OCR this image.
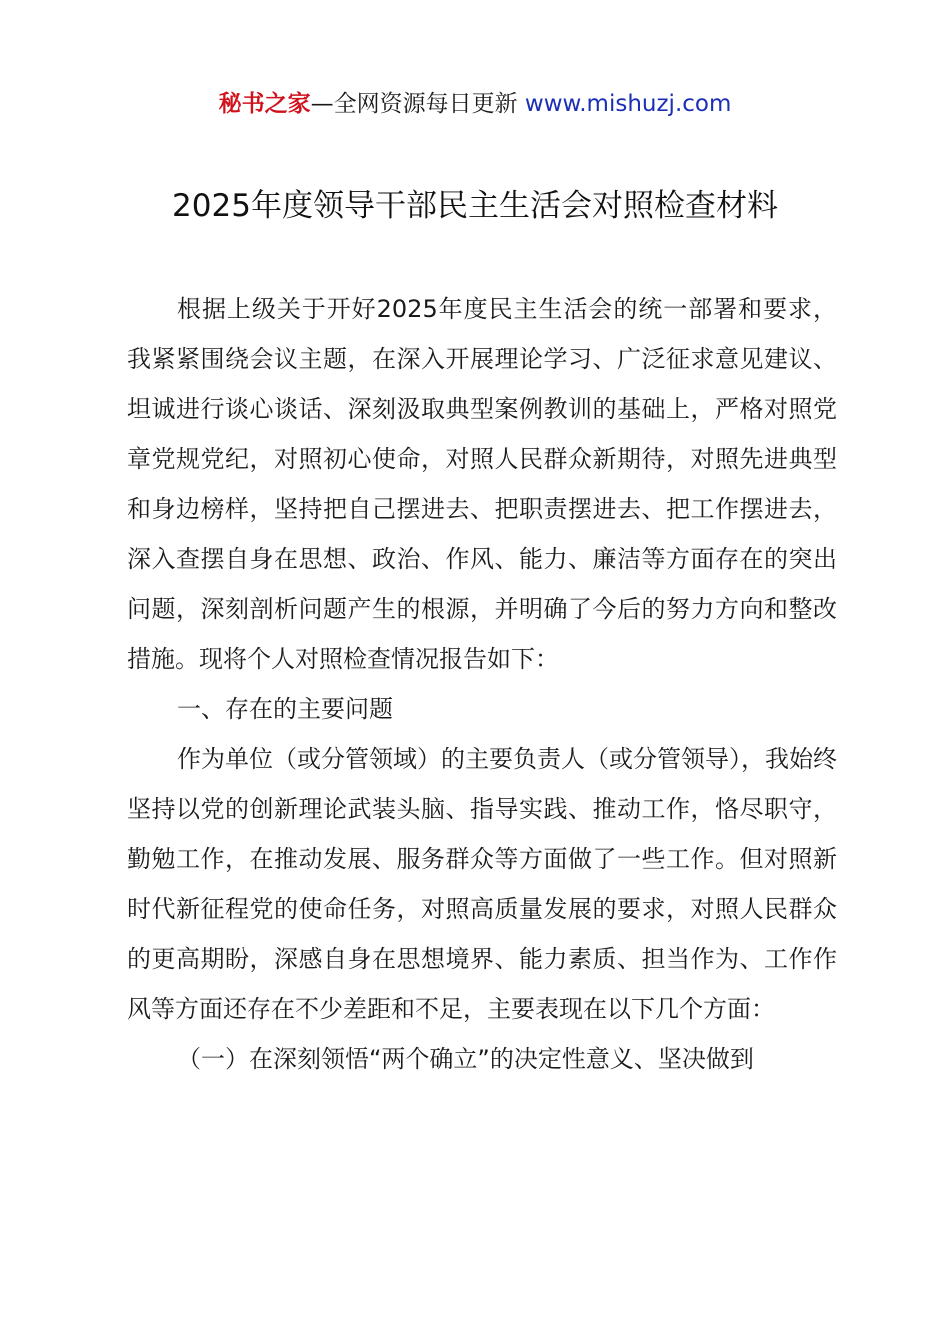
秘书之家—全网资源每日更新 www.mishuzj.com
2025年度领导干部民主生活会对照检查材料

根据上级关于开好2025年度民主生活会的统一部署和要求，我紧紧围绕会议主题，在深入开展理论学习、广泛征求意见建议、坦诚进行谈心谈话、深刻汲取典型案例教训的基础上，严格对照党章党规党纪，对照初心使命，对照人民群众新期待，对照先进典型和身边榜样，坚持把自己摆进去、把职责摆进去、把工作摆进去，深入查摆自身在思想、政治、作风、能力、廉洁等方面存在的突出问题，深刻剖析问题产生的根源，并明确了今后的努力方向和整改措施。现将个人对照检查情况报告如下：

一、存在的主要问题

作为单位（或分管领域）的主要负责人（或分管领导），我始终坚持以党的创新理论武装头脑、指导实践、推动工作，恪尽职守，勤勉工作，在推动发展、服务群众等方面做了一些工作。但对照新时代新征程党的使命任务，对照高质量发展的要求，对照人民群众的更高期盼，深感自身在思想境界、能力素质、担当作为、工作作风等方面还存在不少差距和不足，主要表现在以下几个方面：

（一）在深刻领悟“两个确立”的决定性意义、坚决做到
